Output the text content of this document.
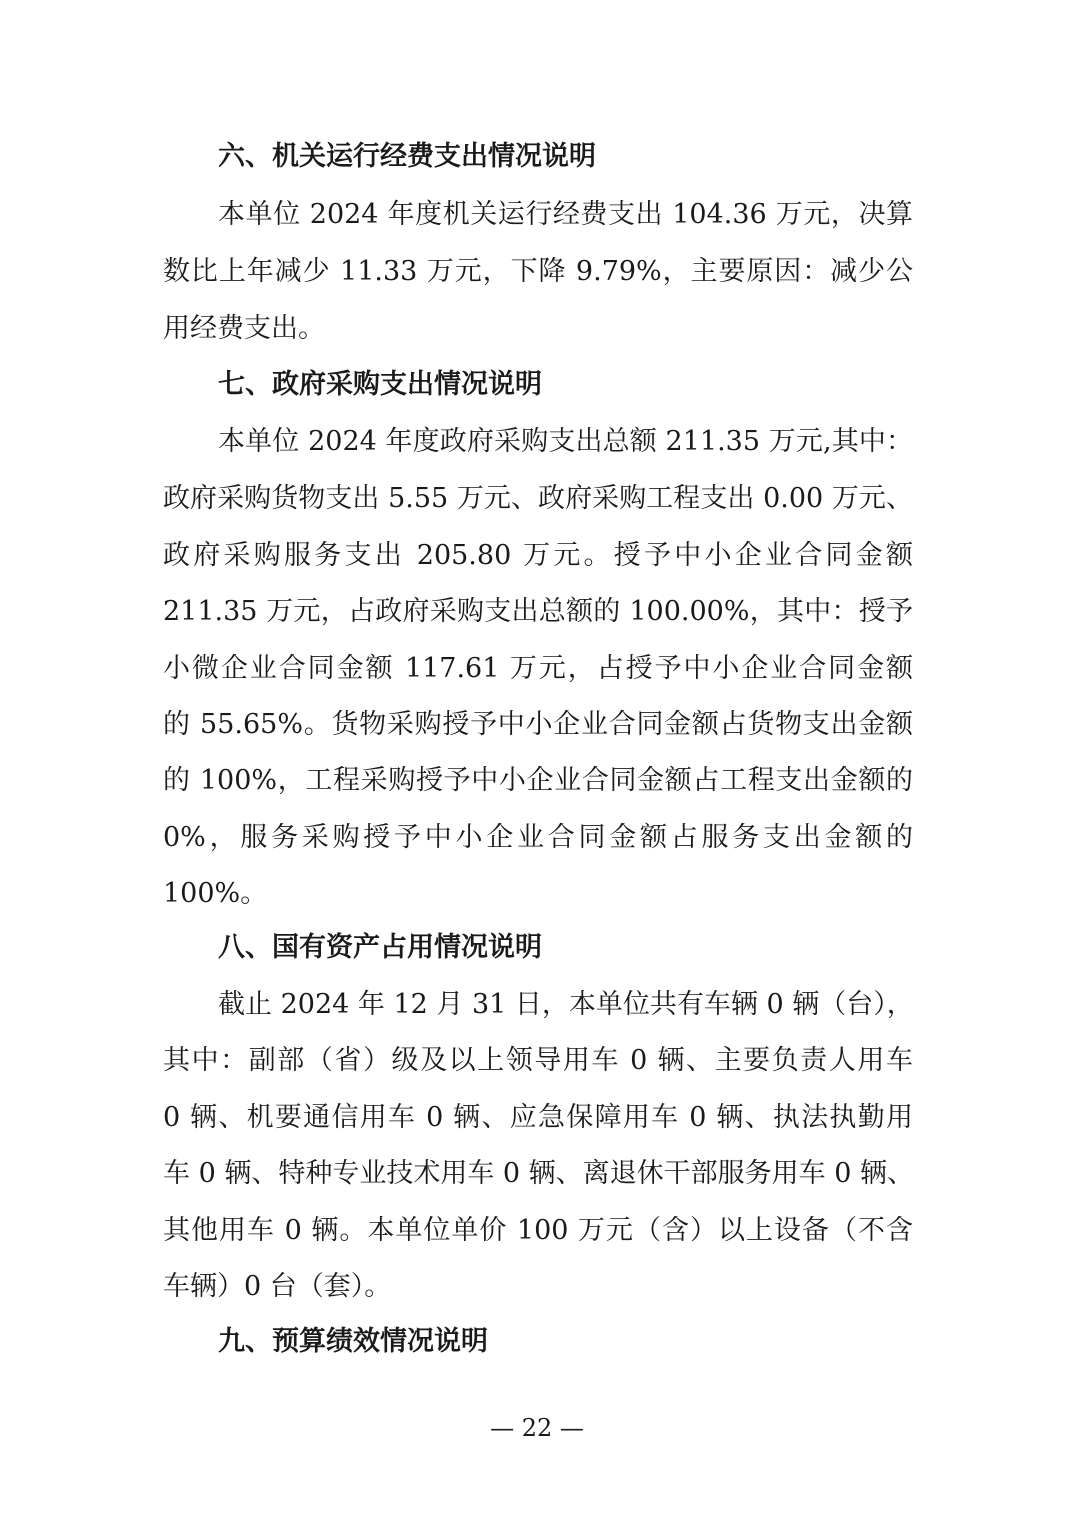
六、机关运行经费支出情况说明
本单位 2024 年度机关运行经费支出 104.36 万元，决算
数比上年减少 11.33 万元，下降 9.79%，主要原因：减少公
用经费支出。
七、政府采购支出情况说明
本单位 2024 年度政府采购支出总额 211.35 万元,其中：
政府采购货物支出 5.55 万元、政府采购工程支出 0.00 万元、
政府采购服务支出 205.80 万元。授予中小企业合同金额
211.35 万元，占政府采购支出总额的 100.00%，其中：授予
小微企业合同金额 117.61 万元，占授予中小企业合同金额
的 55.65%。货物采购授予中小企业合同金额占货物支出金额
的 100%，工程采购授予中小企业合同金额占工程支出金额的
0%，服务采购授予中小企业合同金额占服务支出金额的
100%。
八、国有资产占用情况说明
截止 2024 年 12 月 31 日，本单位共有车辆 0 辆（台），
其中：副部（省）级及以上领导用车 0 辆、主要负责人用车
0 辆、机要通信用车 0 辆、应急保障用车 0 辆、执法执勤用
车 0 辆、特种专业技术用车 0 辆、离退休干部服务用车 0 辆、
其他用车 0 辆。本单位单价 100 万元（含）以上设备（不含
车辆）0 台（套）。
九、预算绩效情况说明
— 22 —
